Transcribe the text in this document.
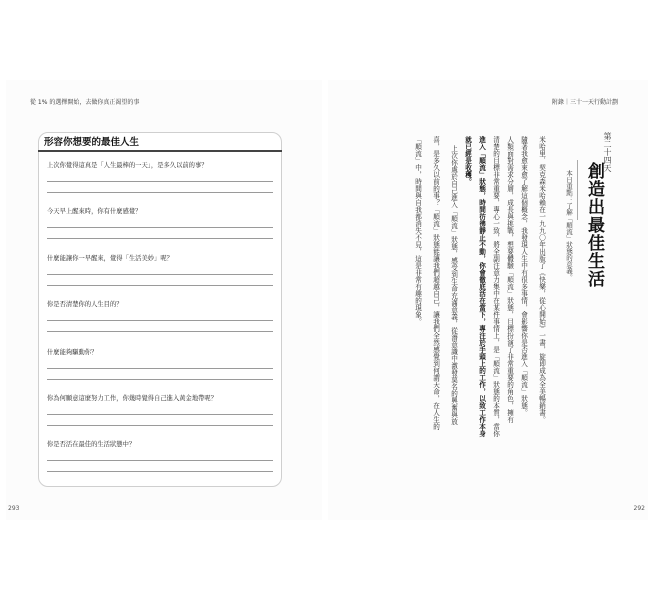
從 1% 的選擇開始，去做你真正渴望的事	附錄｜三十一天行動計劃
形容你想要的最佳人生
上次你覺得這真是「人生最棒的一天」，是多久以前的事？
今天早上醒來時，你有什麼感覺？
什麼能讓你一早醒來，覺得「生活美妙」呢？
你是否清楚你的人生目的？
什麼能夠驅動你？
你為何願意這麼努力工作，你幾時覺得自己進入黃金地帶呢？
你是否活在最佳的生活狀態中？
第二十四天
創造出最佳生活
本日重點：了解「順流」狀態的意義。
米哈里．契克森米哈賴在一九九〇年出版了《快樂，從心開始》一書，旋即成為全美暢銷書。
隨著我愈來愈了解這個概念，我發現人生中有很多事情，會影響你是否進入「順流」狀態。
人類面對需求分層，成長與挑戰，想要體驗「順流」狀態，目標扮演了非常重要的角色，擁有
清楚的目標非常重要，專心一致，將全副注意力集中在某件事情上，是「順流」狀態的本質，當你
進入「順流」狀態，時間彷彿靜止不動，你會徹底活在當下，專注於手頭上的工作，以致工作本身
就已經是收穫。
上次你處於自己進入「順流」狀態，感受到生命充滿意義，從潛意識中激發莫名的興奮與放
喜，是多久以前的事？「順流」狀態能讓我們超越自己，讓我們全然感覺到何謂天命，在人生的
「順流」中，時間與自我都消失不見，這是非常有趣的現象。
293	292
